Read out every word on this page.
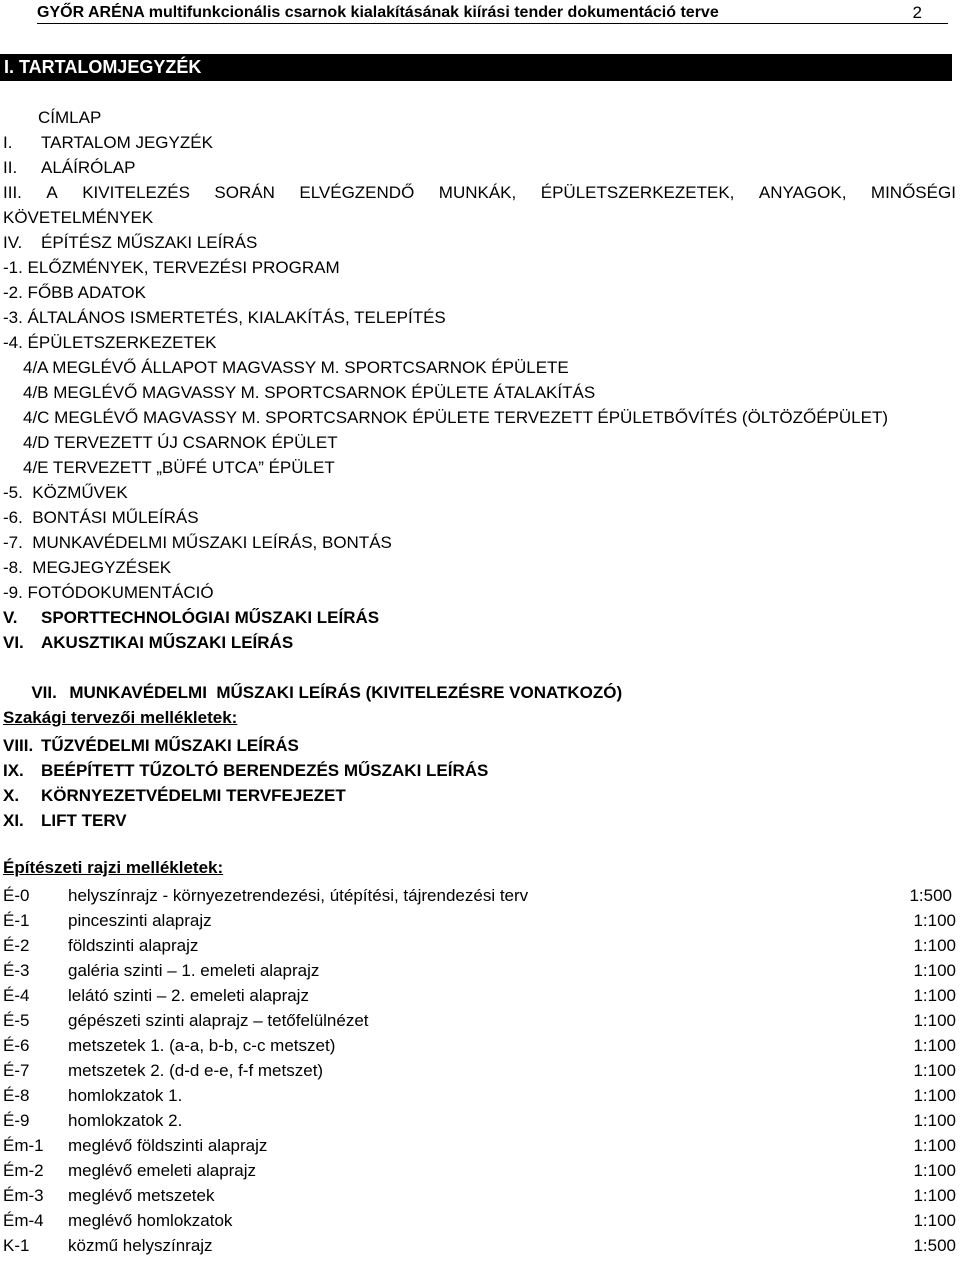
GYŐR ARÉNA multifunkcionális csarnok kialakításának kiírási tender dokumentáció terve	2
I. TARTALOMJEGYZÉK
CÍMLAP
I. TARTALOM JEGYZÉK
II. ALÁÍRÓLAP
III. A KIVITELEZÉS SORÁN ELVÉGZENDŐ MUNKÁK, ÉPÜLETSZERKEZETEK, ANYAGOK, MINŐSÉGI
KÖVETELMÉNYEK
IV. ÉPÍTÉSZ MŰSZAKI LEÍRÁS
-1. ELŐZMÉNYEK, TERVEZÉSI PROGRAM
-2. FŐBB ADATOK
-3. ÁLTALÁNOS ISMERTETÉS, KIALAKÍTÁS, TELEPÍTÉS
-4. ÉPÜLETSZERKEZETEK
4/A MEGLÉVŐ ÁLLAPOT MAGVASSY M. SPORTCSARNOK ÉPÜLETE
4/B MEGLÉVŐ MAGVASSY M. SPORTCSARNOK ÉPÜLETE ÁTALAKÍTÁS
4/C MEGLÉVŐ MAGVASSY M. SPORTCSARNOK ÉPÜLETE TERVEZETT ÉPÜLETBŐVÍTÉS (ÖLTÖZŐÉPÜLET)
4/D TERVEZETT ÚJ CSARNOK ÉPÜLET
4/E TERVEZETT „BÜFÉ UTCA” ÉPÜLET
-5.  KÖZMŰVEK
-6.  BONTÁSI MŰLEÍRÁS
-7.  MUNKAVÉDELMI MŰSZAKI LEÍRÁS, BONTÁS
-8.  MEGJEGYZÉSEK
-9. FOTÓDOKUMENTÁCIÓ
V. SPORTTECHNOLÓGIAI MŰSZAKI LEÍRÁS
VI. AKUSZTIKAI MŰSZAKI LEÍRÁS

VII. MUNKAVÉDELMI  MŰSZAKI LEÍRÁS (KIVITELEZÉSRE VONATKOZÓ)

Szakági tervezői mellékletek:
VIII. TŰZVÉDELMI MŰSZAKI LEÍRÁS
IX. BEÉPÍTETT TŰZOLTÓ BERENDEZÉS MŰSZAKI LEÍRÁS
X. KÖRNYEZETVÉDELMI TERVFEJEZET
XI. LIFT TERV
Építészeti rajzi mellékletek:
É-0	helyszínrajz - környezetrendezési, útépítési, tájrendezési terv	1:500
É-1	pinceszinti alaprajz	1:100
É-2	földszinti alaprajz	1:100
É-3	galéria szinti – 1. emeleti alaprajz	1:100
É-4	lelátó szinti – 2. emeleti alaprajz	1:100
É-5	gépészeti szinti alaprajz – tetőfelülnézet	1:100
É-6	metszetek 1. (a-a, b-b, c-c metszet)	1:100
É-7	metszetek 2. (d-d e-e, f-f metszet)	1:100
É-8	homlokzatok 1.	1:100
É-9	homlokzatok 2.	1:100
Ém-1	meglévő földszinti alaprajz	1:100
Ém-2	meglévő emeleti alaprajz	1:100
Ém-3	meglévő metszetek	1:100
Ém-4	meglévő homlokzatok	1:100
K-1	közmű helyszínrajz	1:500
